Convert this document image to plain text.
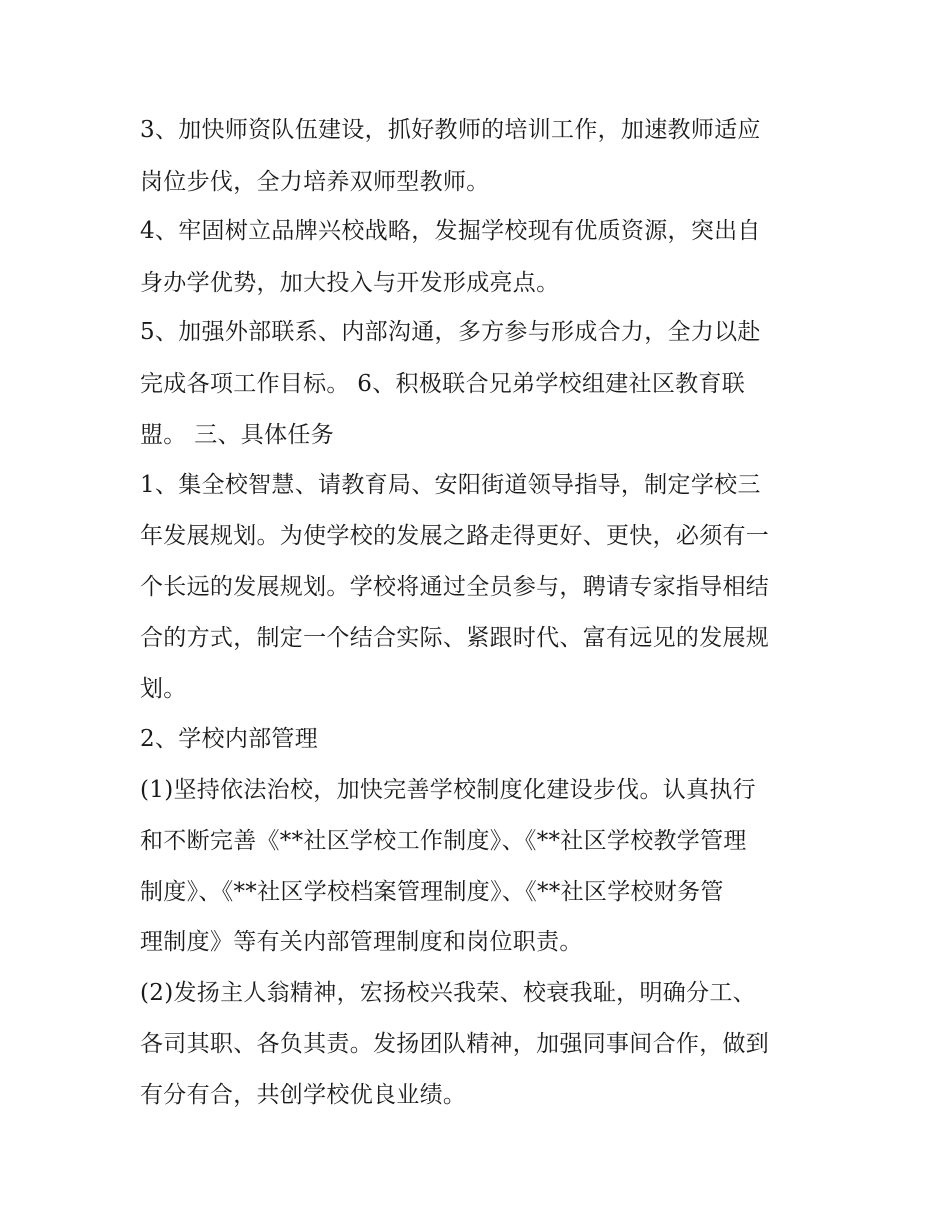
3、加快师资队伍建设，抓好教师的培训工作，加速教师适应

岗位步伐，全力培养双师型教师。

4、牢固树立品牌兴校战略，发掘学校现有优质资源，突出自

身办学优势，加大投入与开发形成亮点。

5、加强外部联系、内部沟通，多方参与形成合力，全力以赴

完成各项工作目标。 6、积极联合兄弟学校组建社区教育联

盟。 三、具体任务

1、集全校智慧、请教育局、安阳街道领导指导，制定学校三

年发展规划。为使学校的发展之路走得更好、更快，必须有一

个长远的发展规划。学校将通过全员参与，聘请专家指导相结

合的方式，制定一个结合实际、紧跟时代、富有远见的发展规

划。

2、学校内部管理

(1)坚持依法治校，加快完善学校制度化建设步伐。认真执行

和不断完善《**社区学校工作制度》、《**社区学校教学管理

制度》、《**社区学校档案管理制度》、《**社区学校财务管

理制度》等有关内部管理制度和岗位职责。

(2)发扬主人翁精神，宏扬校兴我荣、校衰我耻，明确分工、

各司其职、各负其责。发扬团队精神，加强同事间合作，做到

有分有合，共创学校优良业绩。
